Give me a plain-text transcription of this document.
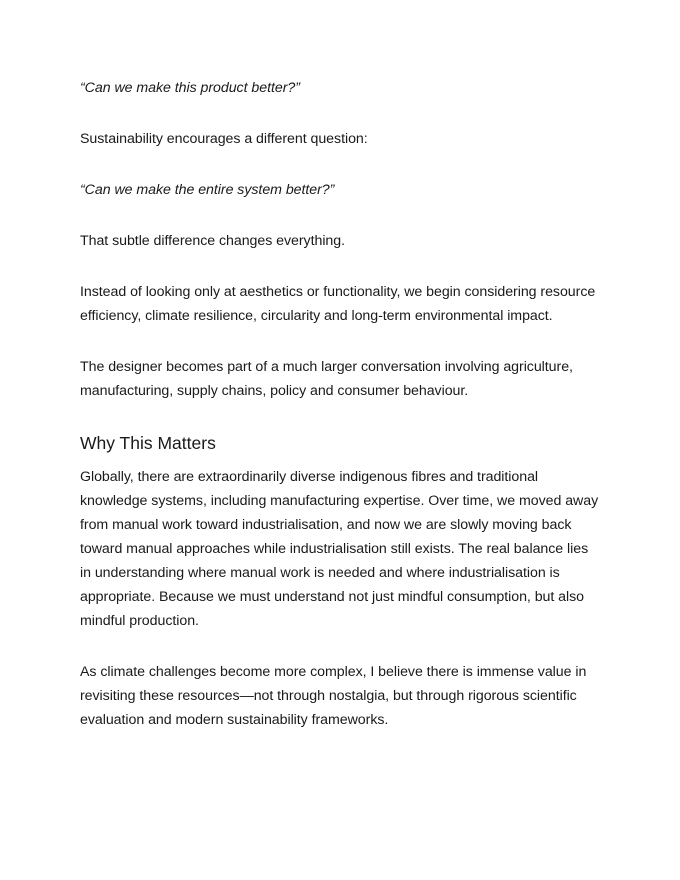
“Can we make this product better?”

Sustainability encourages a different question:

“Can we make the entire system better?”

That subtle difference changes everything.

Instead of looking only at aesthetics or functionality, we begin considering resource efficiency, climate resilience, circularity and long-term environmental impact.

The designer becomes part of a much larger conversation involving agriculture, manufacturing, supply chains, policy and consumer behaviour.

Why This Matters

Globally, there are extraordinarily diverse indigenous fibres and traditional knowledge systems, including manufacturing expertise. Over time, we moved away from manual work toward industrialisation, and now we are slowly moving back toward manual approaches while industrialisation still exists. The real balance lies in understanding where manual work is needed and where industrialisation is appropriate. Because we must understand not just mindful consumption, but also mindful production.

As climate challenges become more complex, I believe there is immense value in revisiting these resources—not through nostalgia, but through rigorous scientific evaluation and modern sustainability frameworks.
